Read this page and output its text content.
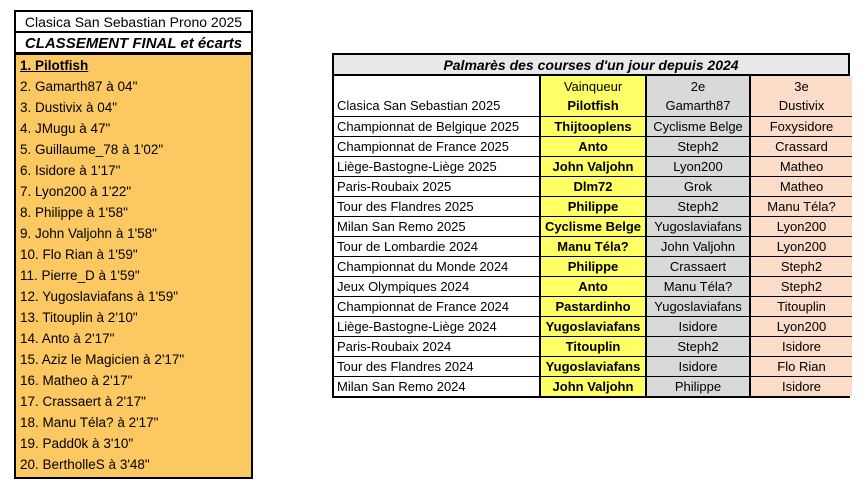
Clasica San Sebastian Prono 2025
CLASSEMENT FINAL et écarts
1. Pilotfish
2. Gamarth87 à 04"
3. Dustivix à 04"
4. JMugu à 47"
5. Guillaume_78 à 1'02"
6. Isidore à 1'17"
7. Lyon200 à 1'22"
8. Philippe à 1'58"
9. John Valjohn à 1'58"
10. Flo Rian à 1'59"
11. Pierre_D à 1'59"
12. Yugoslaviafans à 1'59"
13. Titouplin à 2'10"
14. Anto à 2'17"
15. Aziz le Magicien à 2'17"
16. Matheo à 2'17"
17. Crassaert à 2'17"
18. Manu Téla? à 2'17"
19. Padd0k à 3'10"
20. BertholleS à 3'48"
Palmarès des courses d'un jour depuis 2024
	Vainqueur	2e	3e
Clasica San Sebastian 2025	Pilotfish	Gamarth87	Dustivix
Championnat de Belgique 2025	Thijtooplens	Cyclisme Belge	Foxysidore
Championnat de France 2025	Anto	Steph2	Crassard
Liège-Bastogne-Liège 2025	John Valjohn	Lyon200	Matheo
Paris-Roubaix 2025	Dlm72	Grok	Matheo
Tour des Flandres 2025	Philippe	Steph2	Manu Téla?
Milan San Remo 2025	Cyclisme Belge	Yugoslaviafans	Lyon200
Tour de Lombardie 2024	Manu Téla?	John Valjohn	Lyon200
Championnat du Monde 2024	Philippe	Crassaert	Steph2
Jeux Olympiques 2024	Anto	Manu Téla?	Steph2
Championnat de France 2024	Pastardinho	Yugoslaviafans	Titouplin
Liège-Bastogne-Liège 2024	Yugoslaviafans	Isidore	Lyon200
Paris-Roubaix 2024	Titouplin	Steph2	Isidore
Tour des Flandres 2024	Yugoslaviafans	Isidore	Flo Rian
Milan San Remo 2024	John Valjohn	Philippe	Isidore
